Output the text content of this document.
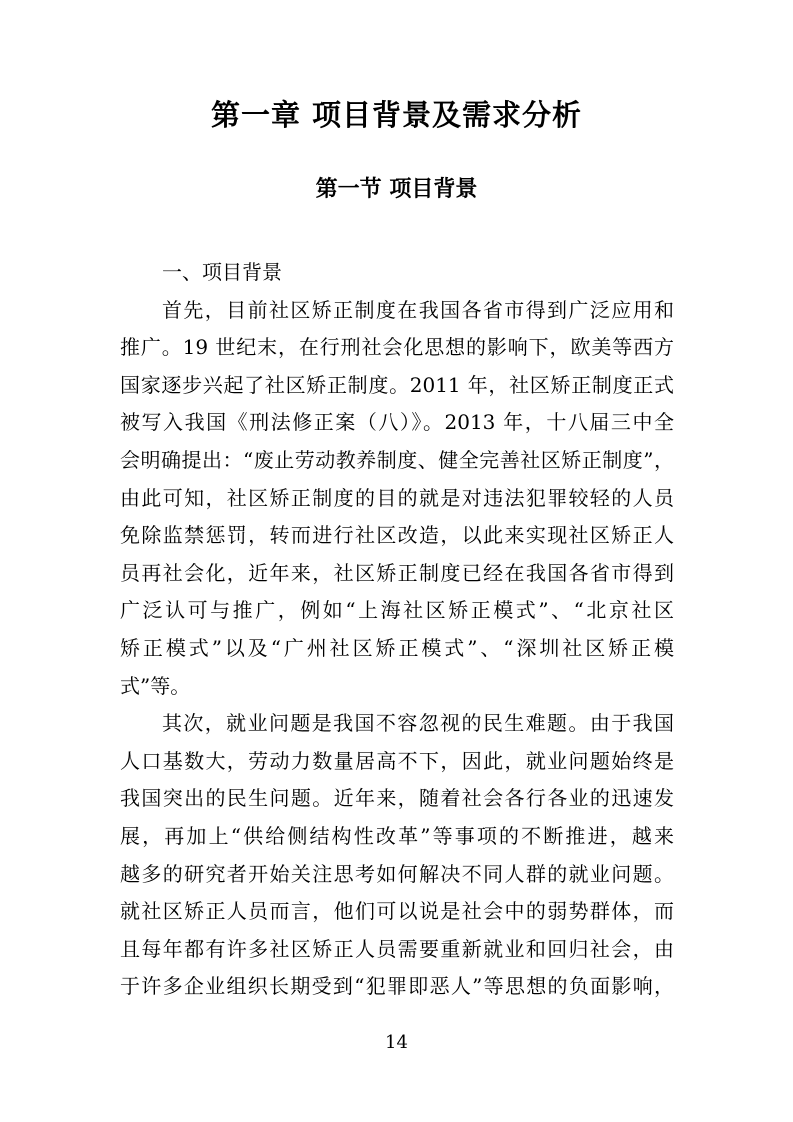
第一章 项目背景及需求分析
第一节 项目背景
一、项目背景
首先，目前社区矫正制度在我国各省市得到广泛应用和
推广。19 世纪末，在行刑社会化思想的影响下，欧美等西方
国家逐步兴起了社区矫正制度。2011 年，社区矫正制度正式
被写入我国《刑法修正案（八）》。2013 年，十八届三中全
会明确提出：“废止劳动教养制度、健全完善社区矫正制度”，
由此可知，社区矫正制度的目的就是对违法犯罪较轻的人员
免除监禁惩罚，转而进行社区改造，以此来实现社区矫正人
员再社会化，近年来，社区矫正制度已经在我国各省市得到
广泛认可与推广，例如“上海社区矫正模式”、“北京社区
矫正模式”以及“广州社区矫正模式”、“深圳社区矫正模
式”等。
其次，就业问题是我国不容忽视的民生难题。由于我国
人口基数大，劳动力数量居高不下，因此，就业问题始终是
我国突出的民生问题。近年来，随着社会各行各业的迅速发
展，再加上“供给侧结构性改革”等事项的不断推进，越来
越多的研究者开始关注思考如何解决不同人群的就业问题。
就社区矫正人员而言，他们可以说是社会中的弱势群体，而
且每年都有许多社区矫正人员需要重新就业和回归社会，由
于许多企业组织长期受到“犯罪即恶人”等思想的负面影响，
14
